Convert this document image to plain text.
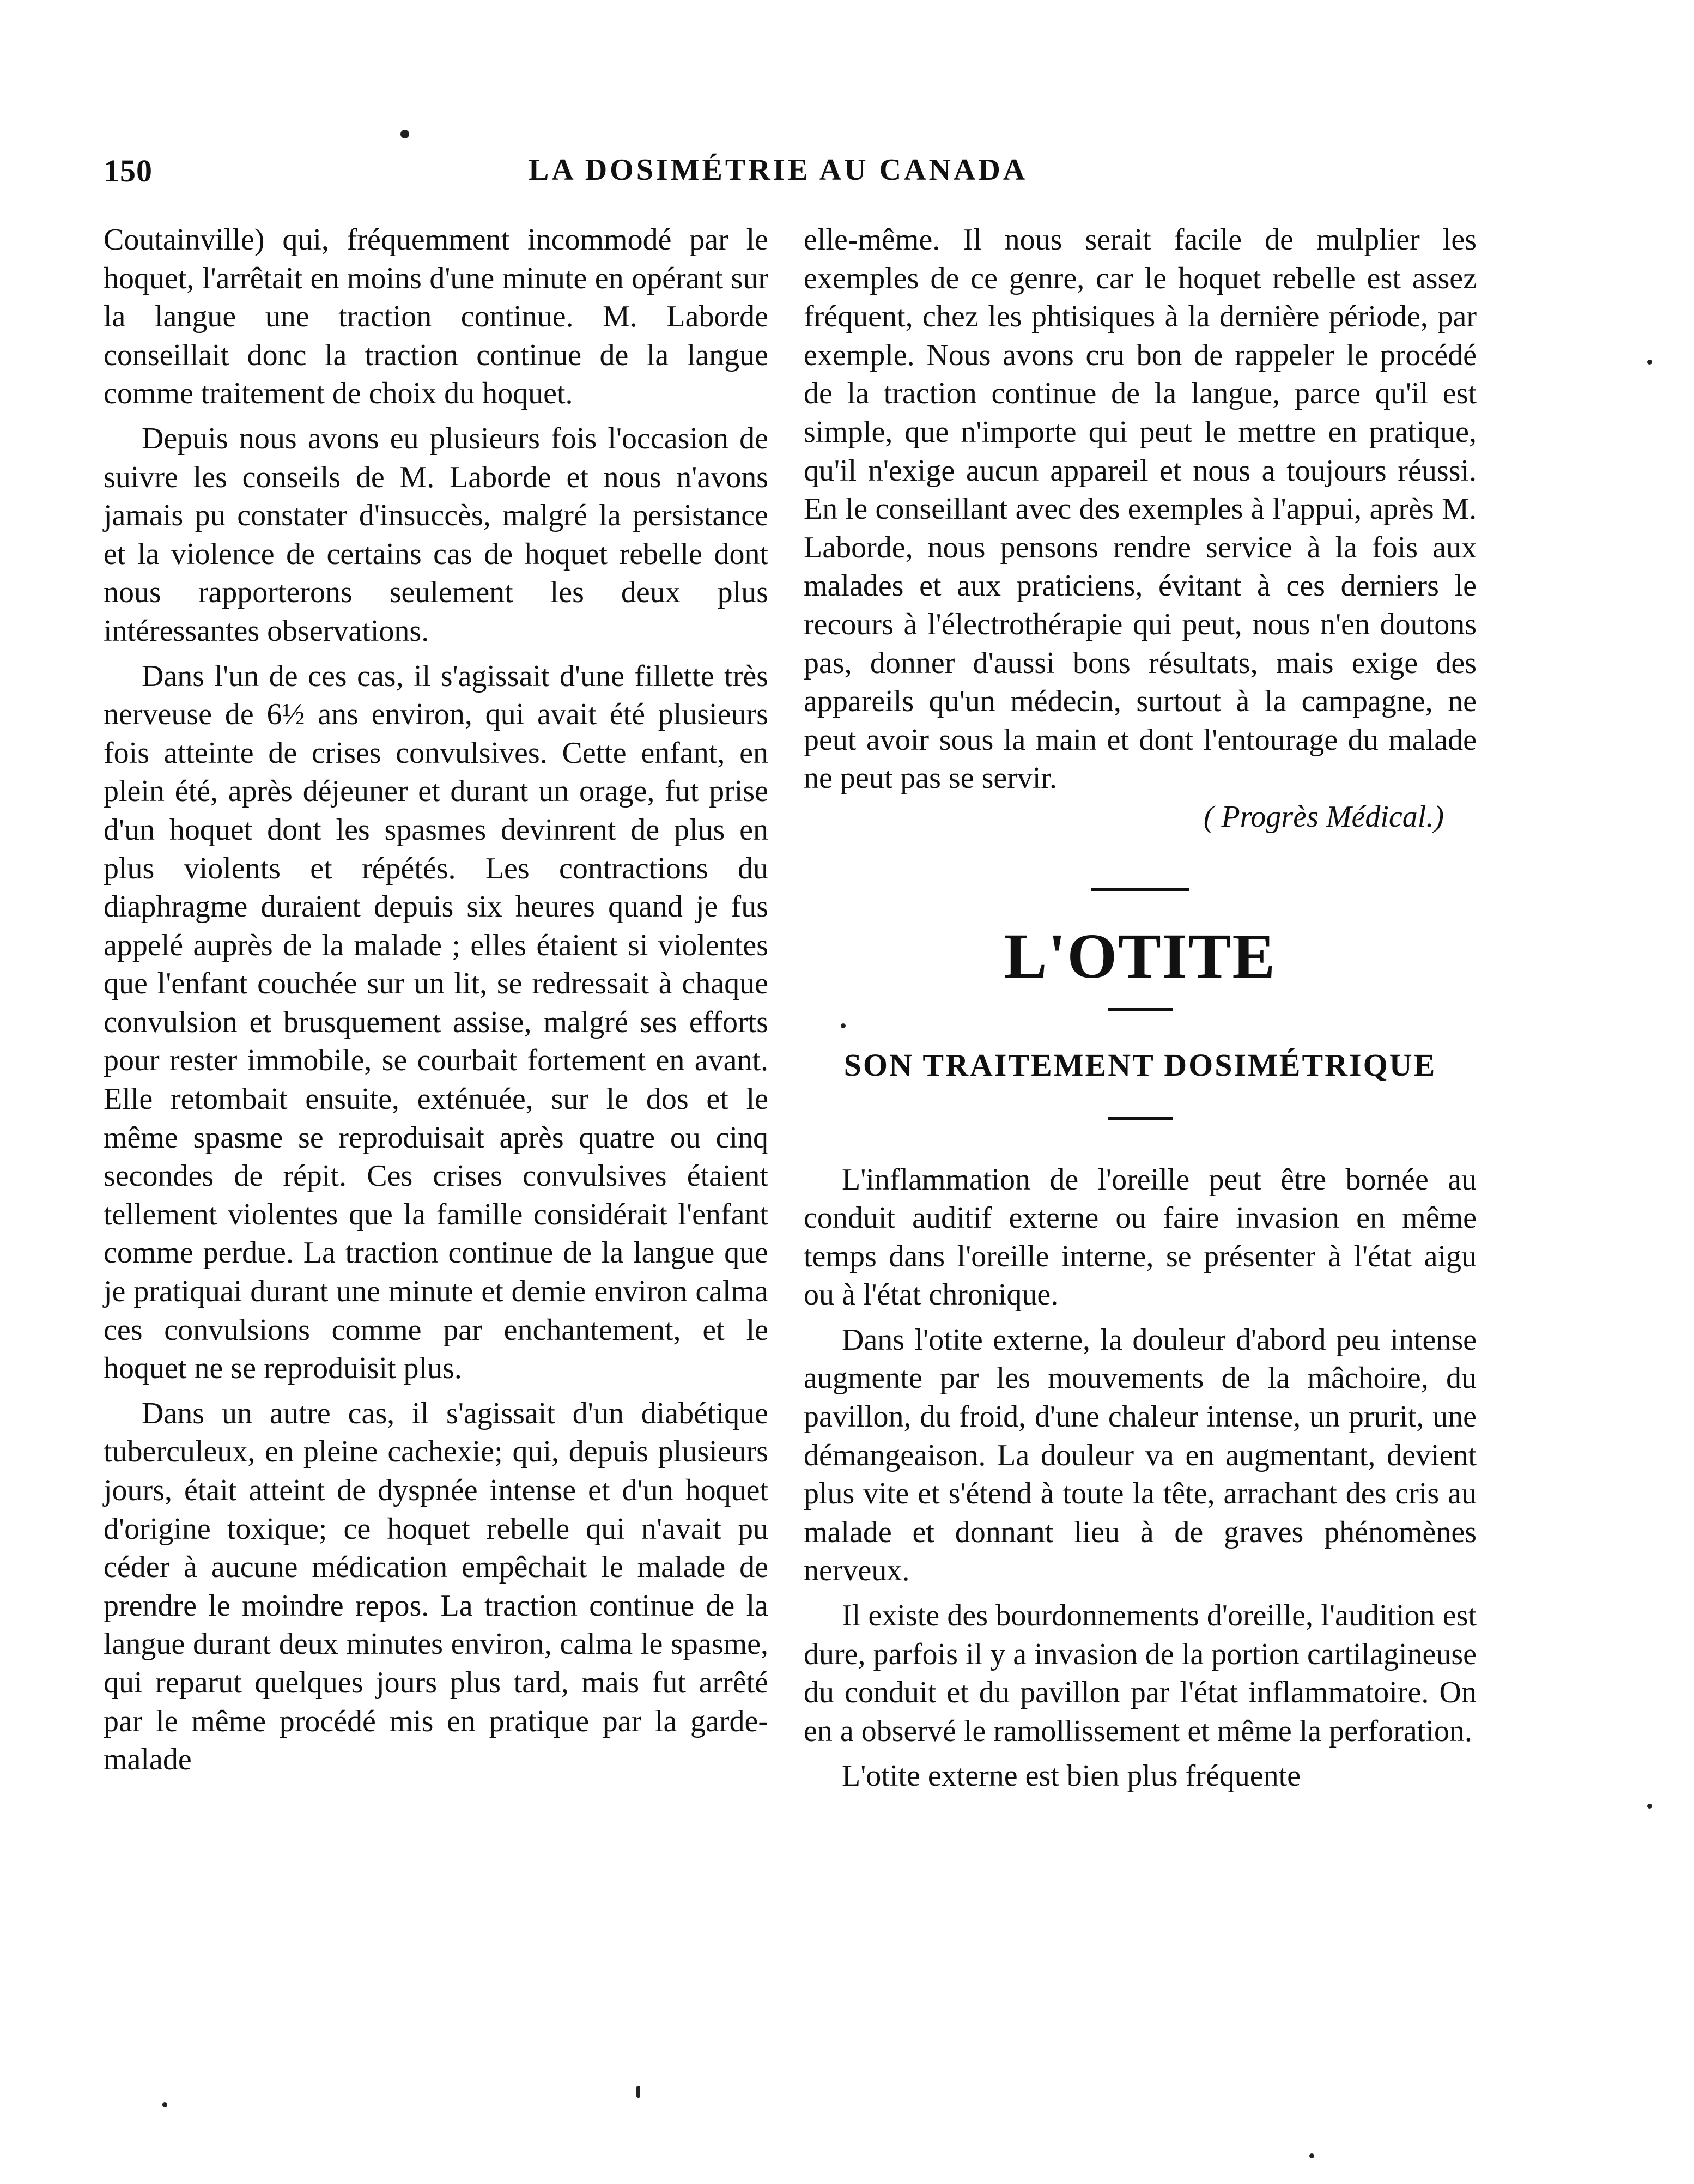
150	LA DOSIMÉTRIE AU CANADA

Coutainville) qui, fréquemment incommodé par le hoquet, l'arrêtait en moins d'une minute en opérant sur la langue une traction continue. M. Laborde conseillait donc la traction continue de la langue comme traitement de choix du hoquet.

Depuis nous avons eu plusieurs fois l'occasion de suivre les conseils de M. Laborde et nous n'avons jamais pu constater d'insuccès, malgré la persistance et la violence de certains cas de hoquet rebelle dont nous rapporterons seulement les deux plus intéressantes observations.

Dans l'un de ces cas, il s'agissait d'une fillette très nerveuse de 6½ ans environ, qui avait été plusieurs fois atteinte de crises convulsives. Cette enfant, en plein été, après déjeuner et durant un orage, fut prise d'un hoquet dont les spasmes devinrent de plus en plus violents et répétés. Les contractions du diaphragme duraient depuis six heures quand je fus appelé auprès de la malade ; elles étaient si violentes que l'enfant couchée sur un lit, se redressait à chaque convulsion et brusquement assise, malgré ses efforts pour rester immobile, se courbait fortement en avant. Elle retombait ensuite, exténuée, sur le dos et le même spasme se reproduisait après quatre ou cinq secondes de répit. Ces crises convulsives étaient tellement violentes que la famille considérait l'enfant comme perdue. La traction continue de la langue que je pratiquai durant une minute et demie environ calma ces convulsions comme par enchantement, et le hoquet ne se reproduisit plus.

Dans un autre cas, il s'agissait d'un diabétique tuberculeux, en pleine cachexie; qui, depuis plusieurs jours, était atteint de dyspnée intense et d'un hoquet d'origine toxique; ce hoquet rebelle qui n'avait pu céder à aucune médication empêchait le malade de prendre le moindre repos. La traction continue de la langue durant deux minutes environ, calma le spasme, qui reparut quelques jours plus tard, mais fut arrêté par le même procédé mis en pratique par la garde-malade

elle-même. Il nous serait facile de mulplier les exemples de ce genre, car le hoquet rebelle est assez fréquent, chez les phtisiques à la dernière période, par exemple. Nous avons cru bon de rappeler le procédé de la traction continue de la langue, parce qu'il est simple, que n'importe qui peut le mettre en pratique, qu'il n'exige aucun appareil et nous a toujours réussi. En le conseillant avec des exemples à l'appui, après M. Laborde, nous pensons rendre service à la fois aux malades et aux praticiens, évitant à ces derniers le recours à l'électrothérapie qui peut, nous n'en doutons pas, donner d'aussi bons résultats, mais exige des appareils qu'un médecin, surtout à la campagne, ne peut avoir sous la main et dont l'entourage du malade ne peut pas se servir.

( Progrès Médical.)

L'OTITE
SON TRAITEMENT DOSIMÉTRIQUE

L'inflammation de l'oreille peut être bornée au conduit auditif externe ou faire invasion en même temps dans l'oreille interne, se présenter à l'état aigu ou à l'état chronique.

Dans l'otite externe, la douleur d'abord peu intense augmente par les mouvements de la mâchoire, du pavillon, du froid, d'une chaleur intense, un prurit, une démangeaison. La douleur va en augmentant, devient plus vite et s'étend à toute la tête, arrachant des cris au malade et donnant lieu à de graves phénomènes nerveux.

Il existe des bourdonnements d'oreille, l'audition est dure, parfois il y a invasion de la portion cartilagineuse du conduit et du pavillon par l'état inflammatoire. On en a observé le ramollissement et même la perforation.

L'otite externe est bien plus fréquente
